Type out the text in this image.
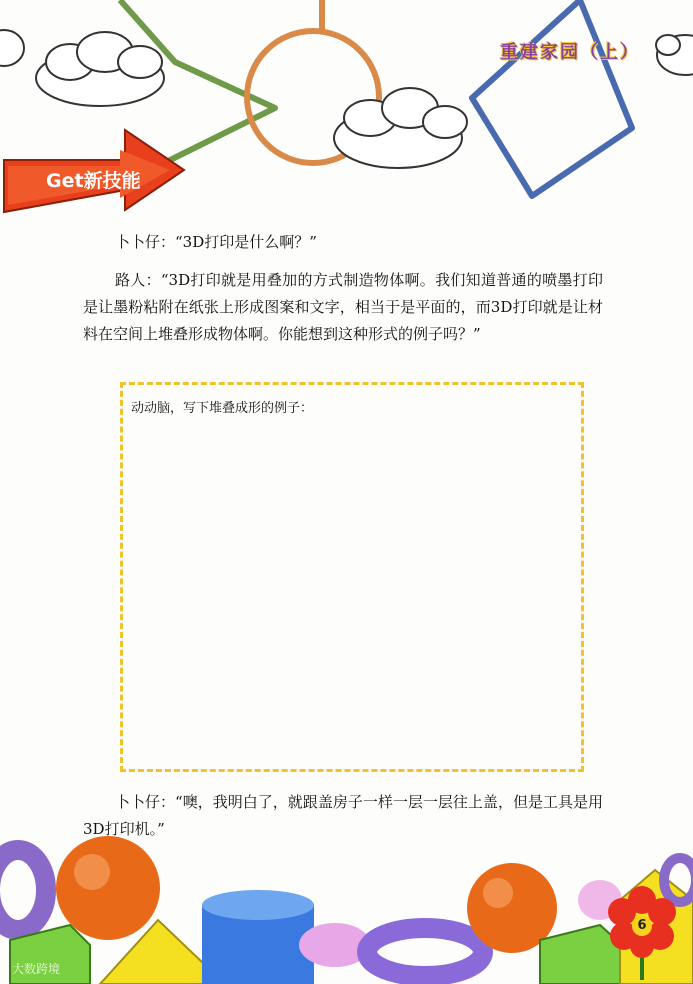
重建家园（上）
Get新技能
卜卜仔：“3D打印是什么啊？”
路人：“3D打印就是用叠加的方式制造物体啊。我们知道普通的喷墨打印是让墨粉粘附在纸张上形成图案和文字，相当于是平面的，而3D打印就是让材料在空间上堆叠形成物体啊。你能想到这种形式的例子吗？”
动动脑，写下堆叠成形的例子：
卜卜仔：“噢，我明白了，就跟盖房子一样一层一层往上盖，但是工具是用3D打印机。”
6
大数跨境
